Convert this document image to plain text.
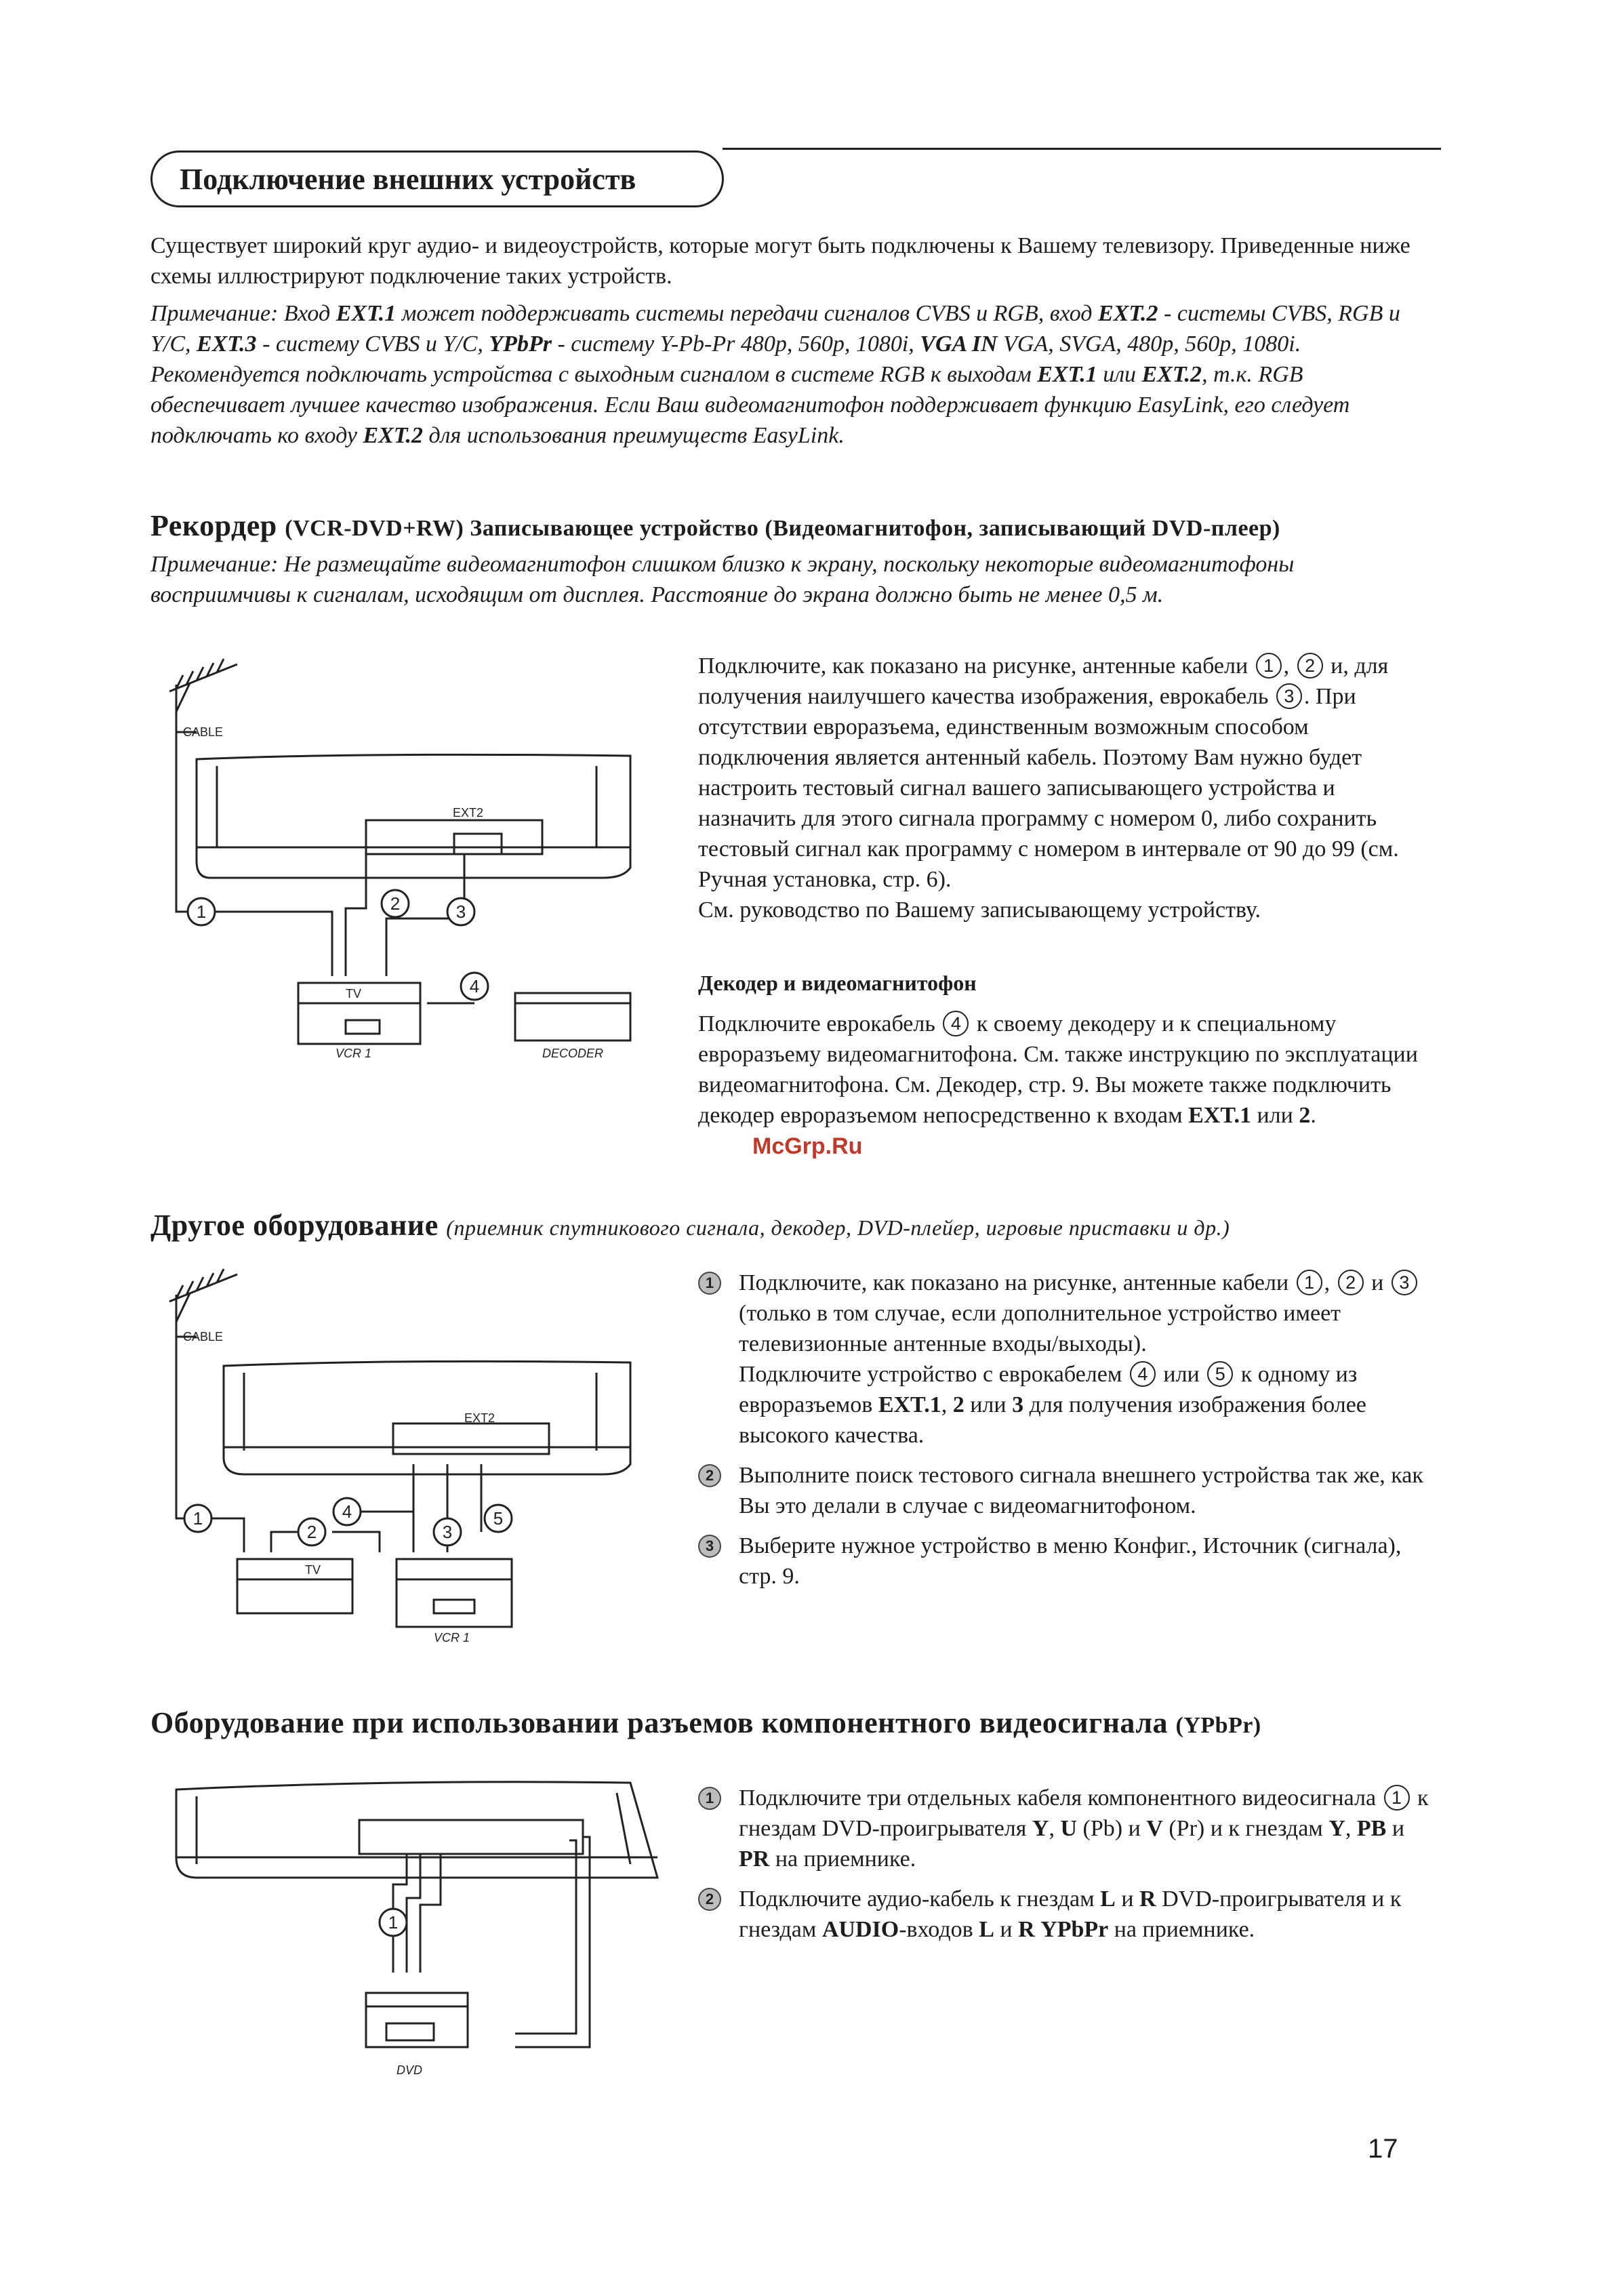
Подключение внешних устройств
Существует широкий круг аудио- и видеоустройств, которые могут быть подключены к Вашему телевизору. Приведенные ниже схемы иллюстрируют подключение таких устройств.
Примечание: Вход EXT.1 может поддерживать системы передачи сигналов CVBS и RGB, вход EXT.2 - системы CVBS, RGB и Y/C, EXT.3 - систему CVBS и Y/C, YPbPr - систему Y-Pb-Pr 480p, 560p, 1080i, VGA IN VGA, SVGA, 480p, 560p, 1080i. Рекомендуется подключать устройства с выходным сигналом в системе RGB к выходам EXT.1 или EXT.2, т.к. RGB обеспечивает лучшее качество изображения. Если Ваш видеомагнитофон поддерживает функцию EasyLink, его следует подключать ко входу EXT.2 для использования преимуществ EasyLink.
Рекордер (VCR-DVD+RW) Записывающее устройство (Видеомагнитофон, записывающий DVD-плеер)
Примечание: Не размещайте видеомагнитофон слишком близко к экрану, поскольку некоторые видеомагнитофоны восприимчивы к сигналам, исходящим от дисплея. Расстояние до экрана должно быть не менее 0,5 м.
CABLE
EXT2
TV
VCR 1	DECODER
1	2	3
4
Подключите, как показано на рисунке, антенные кабели 1 , 2 и, для получения наилучшего качества изображения, еврокабель 3 . При отсутствии евроразъема, единственным возможным способом подключения является антенный кабель. Поэтому Вам нужно будет настроить тестовый сигнал вашего записывающего устройства и назначить для этого сигнала программу с номером 0, либо сохранить тестовый сигнал как программу с номером в интервале от 90 до 99 (см. Ручная установка, стр. 6).
См. руководство по Вашему записывающему устройству.
Декодер и видеомагнитофон
Подключите еврокабель 4 к своему декодеру и к специальному евроразъему видеомагнитофона. См. также инструкцию по эксплуатации видеомагнитофона. См. Декодер, стр. 9. Вы можете также подключить декодер евроразъемом непосредственно к входам EXT.1 или 2.
McGrp.Ru
Другое оборудование (приемник спутникового сигнала, декодер, DVD-плейер, игровые приставки и др.)
CABLE
EXT2
TV
VCR 1
1
2
4
3
5
1	Подключите, как показано на рисунке, антенные кабели 1 , 2 и 3 (только в том случае, если дополнительное устройство имеет телевизионные антенные входы/выходы).
Подключите устройство с еврокабелем 4 или 5 к одному из евроразъемов EXT.1, 2 или 3 для получения изображения более высокого качества.
2	Выполните поиск тестового сигнала внешнего устройства так же, как Вы это делали в случае с видеомагнитофоном.
3	Выберите нужное устройство в меню Конфиг., Источник (сигнала), стр. 9.
Оборудование при использовании разъемов компонентного видеосигнала (YPbPr)
1
DVD
1	Подключите три отдельных кабеля компонентного видеосигнала 1 к гнездам DVD-проигрывателя Y, U (Pb) и V (Pr) и к гнездам Y, PB и PR на приемнике.
2	Подключите аудио-кабель к гнездам L и R DVD-проигрывателя и к гнездам AUDIO-входов L и R YPbPr на приемнике.
17
